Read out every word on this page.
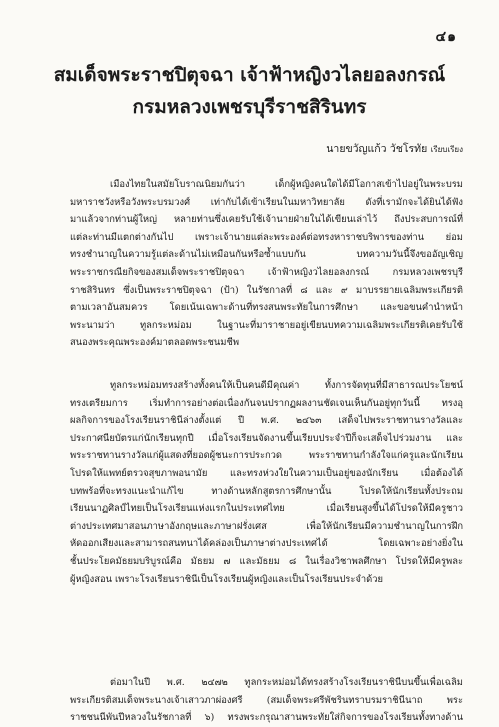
๔๑
สมเด็จพระราชปิตุจฉา เจ้าฟ้าหญิงวไลยอลงกรณ์
กรมหลวงเพชรบุรีราชสิรินทร
นายขวัญแก้ว วัชโรทัย เรียบเรียง
เมืองไทยในสมัยโบราณนิยมกันว่า เด็กผู้หญิงคนใดได้มีโอกาสเข้าไปอยู่ในพระบรม
มหาราชวังหรือวังพระบรมวงศ์ เท่ากับได้เข้าเรียนในมหาวิทยาลัย ดังที่เรามักจะได้ยินได้ฟัง
มาแล้วจากท่านผู้ใหญ่ หลายท่านซึ่งเคยรับใช้เจ้านายฝ่ายในได้เขียนเล่าไว้ ถึงประสบการณ์ที่
แต่ละท่านมีแตกต่างกันไป เพราะเจ้านายแต่ละพระองค์ต่อทรงหาราชบริพารของท่าน ย่อม
ทรงชำนาญในความรู้แต่ละด้านไม่เหมือนกันหรือซ้ำแบบกัน บทความวันนี้จึงขออัญเชิญ
พระราชกรณียกิจของสมเด็จพระราชปิตุจฉา เจ้าฟ้าหญิงวไลยอลงกรณ์ กรมหลวงเพชรบุรี
ราชสิรินทร ซึ่งเป็นพระราชปิตุจฉา (ป้า) ในรัชกาลที่ ๘ และ ๙ มาบรรยายเฉลิมพระเกียรติ
ตามเวลาอันสมควร โดยเน้นเฉพาะด้านที่ทรงสนพระทัยในการศึกษา และขอขนคำนำหน้า
พระนามว่า ทูลกระหม่อม ในฐานะที่มาราชายอยู่เขียนบทความเฉลิมพระเกียรติเคยรับใช้
สนองพระคุณพระองค์มาตลอดพระชนมชีพ
ทูลกระหม่อมทรงสร้างทั้งคนให้เป็นคนดีมีคุณค่า ทั้งการจัดทุนที่มีสาธารณประโยชน์
ทรงเตรียมการ เริ่มทำการอย่างต่อเนื่องกันจนปรากฏผลงานชัดเจนเห็นกันอยู่ทุกวันนี้ ทรงอุ
ผลกิจการของโรงเรียนราชินีล่างตั้งแต่ ปี พ.ศ. ๒๔๖๓ เสด็จไปพระราชทานรางวัลและ
ประกาศนียบัตรแก่นักเรียนทุกปี เมื่อโรงเรียนจัดงานขึ้นเรียบประจำปีก็จะเสด็จไปร่วมงาน และ
พระราชทานรางวัลแก่ผู้แสดงที่ยอดผู้ชนะการประกวด พระราชทานกำลังใจแก่ครูและนักเรียน
โปรดให้แพทย์ตรวจสุขภาพอนามัย และทรงห่วงใยในความเป็นอยู่ของนักเรียน เมื่อต้องได้
บทพร้อที่จะทรงแนะนำแก้ไข ทางด้านหลักสูตรการศึกษานั้น โปรดให้นักเรียนทั้งประถม
เรียนนาฏศิลป์ไทยเป็นโรงเรียนแห่งแรกในประเทศไทย เมื่อเรียนสูงขึ้นได้โปรดให้มีครูชาว
ต่างประเทศมาสอนภาษาอังกฤษและภาษาฝรั่งเศส เพื่อให้นักเรียนมีความชำนาญในการฝึก
หัดออกเสียงและสามารถสนทนาได้คล่องเป็นภาษาต่างประเทศได้ โดยเฉพาะอย่างยิ่งใน
ชั้นประโยคมัธยมบริบูรณ์คือ มัธยม ๗ และมัธยม ๘ ในเรื่องวิชาพลศึกษา โปรดให้มีครูพละ
ผู้หญิงสอน เพราะโรงเรียนราชินีเป็นโรงเรียนผู้หญิงและเป็นโรงเรียนประจำด้วย
ต่อมาในปี พ.ศ. ๒๔๗๒ ทูลกระหม่อมได้ทรงสร้างโรงเรียนราชินีบนขึ้นเพื่อเฉลิม
พระเกียรติสมเด็จพระนางเจ้าเสาวภาผ่องศรี (สมเด็จพระศรีพัชรินทราบรมราชินีนาถ พระ
ราชชนนีพันปีหลวงในรัชกาลที่ ๖) ทรงพระกรุณาสานพระทัยใส่กิจการของโรงเรียนทั้งทางด้าน
